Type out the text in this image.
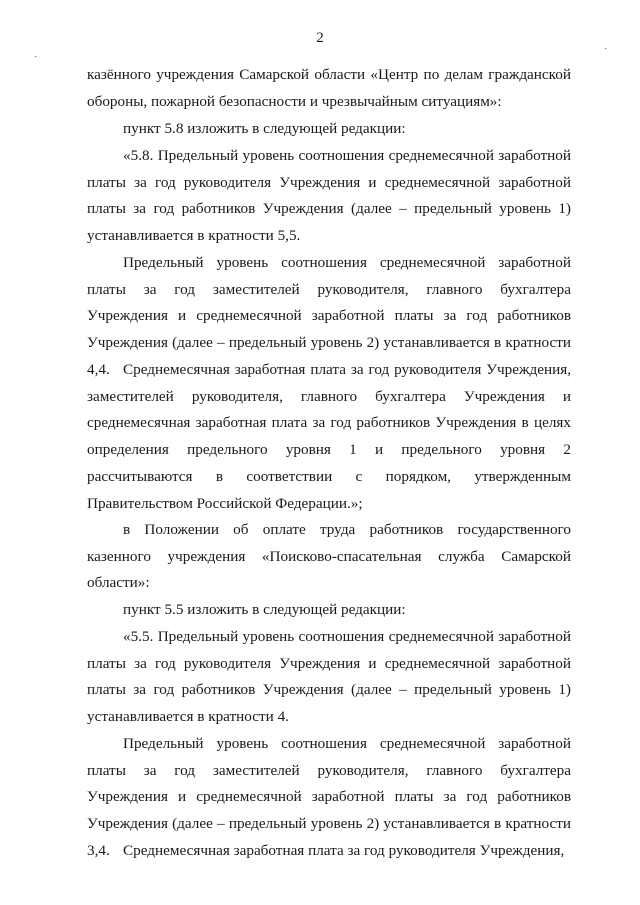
·
·
2

казённого учреждения Самарской области «Центр по делам гражданской обороны, пожарной безопасности и чрезвычайным ситуациям»:

пункт 5.8 изложить в следующей редакции:

«5.8. Предельный уровень соотношения среднемесячной заработной платы за год руководителя Учреждения и среднемесячной заработной платы за год работников Учреждения (далее – предельный уровень 1) устанавливается в кратности 5,5.

Предельный уровень соотношения среднемесячной заработной платы за год заместителей руководителя, главного бухгалтера Учреждения и среднемесячной заработной платы за год работников Учреждения (далее – предельный уровень 2) устанавливается в кратности 4,4. Среднемесячная заработная плата за год руководителя Учреждения, заместителей руководителя, главного бухгалтера Учреждения и среднемесячная заработная плата за год работников Учреждения в целях определения предельного уровня 1 и предельного уровня 2 рассчитываются в соответствии с порядком, утвержденным Правительством Российской Федерации.»;

в Положении об оплате труда работников государственного казенного учреждения «Поисково-спасательная служба Самарской области»:

пункт 5.5 изложить в следующей редакции:

«5.5. Предельный уровень соотношения среднемесячной заработной платы за год руководителя Учреждения и среднемесячной заработной платы за год работников Учреждения (далее – предельный уровень 1) устанавливается в кратности 4.

Предельный уровень соотношения среднемесячной заработной платы за год заместителей руководителя, главного бухгалтера Учреждения и среднемесячной заработной платы за год работников Учреждения (далее – предельный уровень 2) устанавливается в кратности 3,4. Среднемесячная заработная плата за год руководителя Учреждения,
